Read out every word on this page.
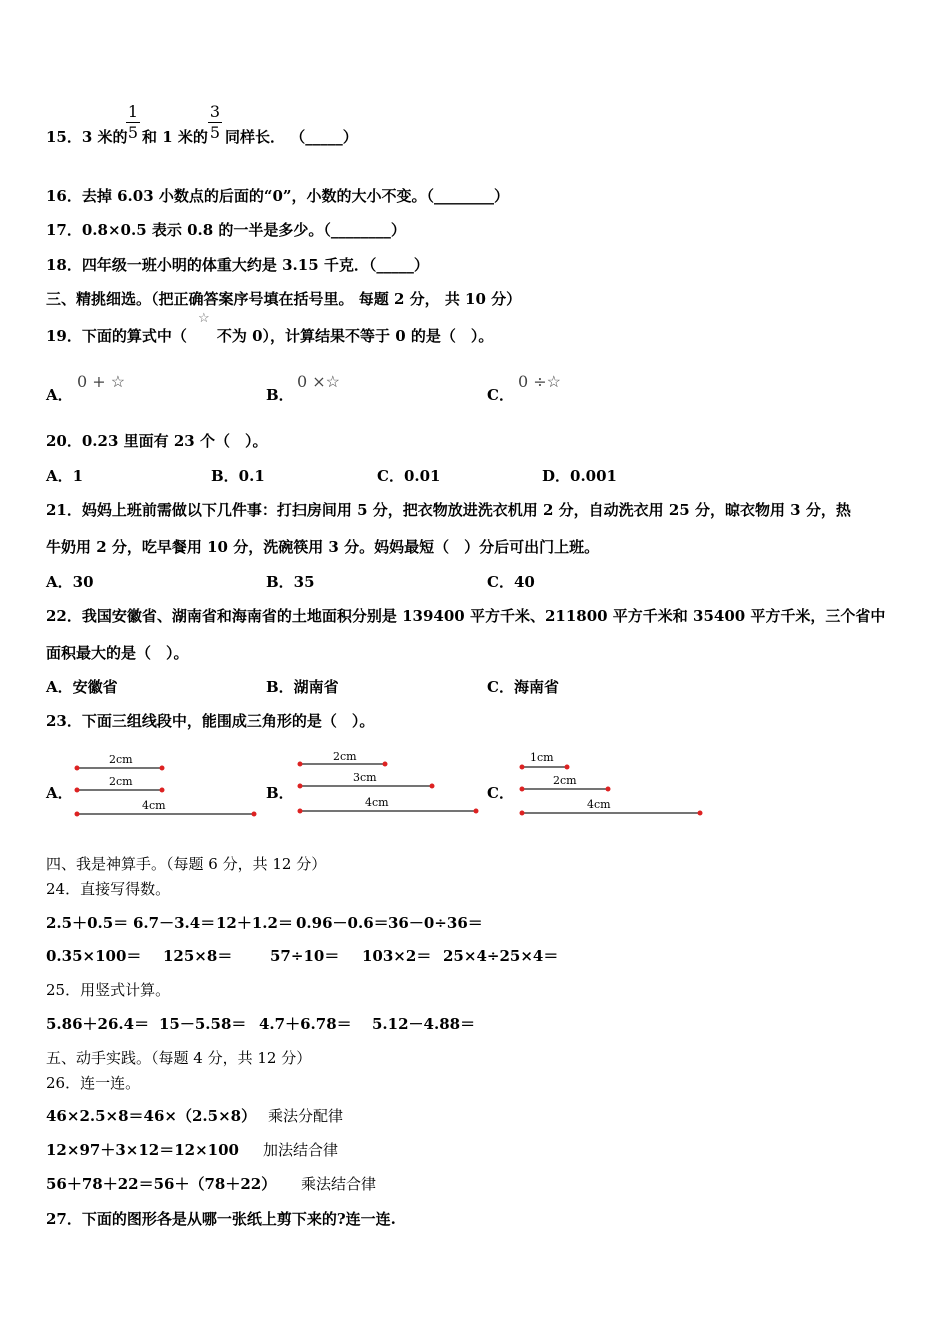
15．3 米的
1
5 和 1 米的
3
5 同样长． （_____）
16．去掉 6.03 小数点的后面的“0”，小数的大小不变。（________）
17．0.8×0.5 表示 0.8 的一半是多少。（________）
18．四年级一班小明的体重大约是 3.15 千克．（_____）
三、精挑细选。（把正确答案序号填在括号里。 每题 2 分， 共 10 分）
19．下面的算式中（ 不为 0），计算结果不等于 0 的是（　）。
☆
A．
0 + ☆
B．
0 ×☆
C．
0 ÷☆
20．0.23 里面有 23 个（　）。
A．1	B．0.1	C．0.01	D．0.001
21．妈妈上班前需做以下几件事：打扫房间用 5 分，把衣物放进洗衣机用 2 分，自动洗衣用 25 分，晾衣物用 3 分，热
牛奶用 2 分，吃早餐用 10 分，洗碗筷用 3 分。妈妈最短（　）分后可出门上班。
A．30	B．35	C．40
22．我国安徽省、湖南省和海南省的土地面积分别是 139400 平方千米、211800 平方千米和 35400 平方千米，三个省中
面积最大的是（　）。
A．安徽省	B．湖南省	C．海南省
23．下面三组线段中，能围成三角形的是（　）。
A．
2cm
2cm
4cm
B．
2cm
3cm
4cm
C．
1cm
2cm
4cm
四、我是神算手。（每题 6 分，共 12 分）
24．直接写得数。
2.5＋0.5＝ 6.7－3.4＝ 12＋1.2＝ 0.96－0.6＝ 36－0÷36＝
0.35×100＝ 125×8＝	57÷10＝ 103×2＝ 25×4÷25×4＝
25．用竖式计算。
5.86＋26.4＝ 15－5.58＝ 4.7＋6.78＝ 5.12－4.88＝
五、动手实践。（每题 4 分，共 12 分）
26．连一连。
46×2.5×8＝46×（2.5×8） 乘法分配律
12×97＋3×12＝12×100 加法结合律
56＋78＋22＝56＋（78＋22） 乘法结合律
27．下面的图形各是从哪一张纸上剪下来的?连一连.
